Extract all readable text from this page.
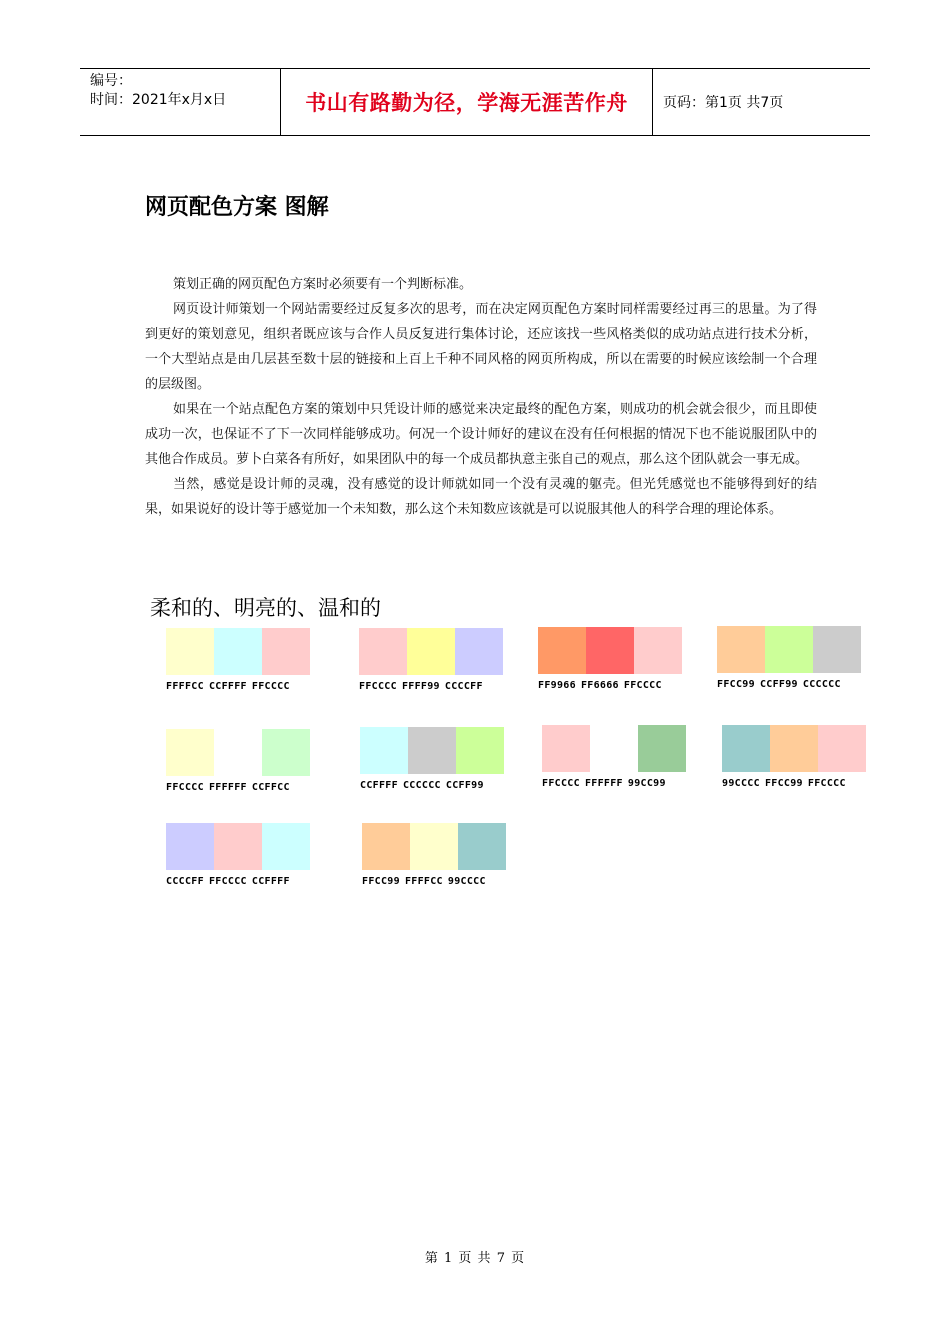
编号：
时间：2021年x月x日	书山有路勤为径，学海无涯苦作舟	页码：第1页 共7页
网页配色方案 图解

策划正确的网页配色方案时必须要有一个判断标准。

网页设计师策划一个网站需要经过反复多次的思考，而在决定网页配色方案时同样需要经过再三的思量。为了得到更好的策划意见，组织者既应该与合作人员反复进行集体讨论，还应该找一些风格类似的成功站点进行技术分析，一个大型站点是由几层甚至数十层的链接和上百上千种不同风格的网页所构成，所以在需要的时候应该绘制一个合理的层级图。

如果在一个站点配色方案的策划中只凭设计师的感觉来决定最终的配色方案，则成功的机会就会很少，而且即使成功一次，也保证不了下一次同样能够成功。何况一个设计师好的建议在没有任何根据的情况下也不能说服团队中的其他合作成员。萝卜白菜各有所好，如果团队中的每一个成员都执意主张自己的观点，那么这个团队就会一事无成。

当然，感觉是设计师的灵魂，没有感觉的设计师就如同一个没有灵魂的躯壳。但光凭感觉也不能够得到好的结果，如果说好的设计等于感觉加一个未知数，那么这个未知数应该就是可以说服其他人的科学合理的理论体系。

柔和的、明亮的、温和的
FFFFCC CCFFFF FFCCCC	FFCCCC FFFF99 CCCCFF	FF9966 FF6666 FFCCCC	FFCC99 CCFF99 CCCCCC
FFCCCC FFFFFF CCFFCC	CCFFFF CCCCCC CCFF99	FFCCCC FFFFFF 99CC99	99CCCC FFCC99 FFCCCC
CCCCFF FFCCCC CCFFFF	FFCC99 FFFFCC 99CCCC
第 1 页 共 7 页
